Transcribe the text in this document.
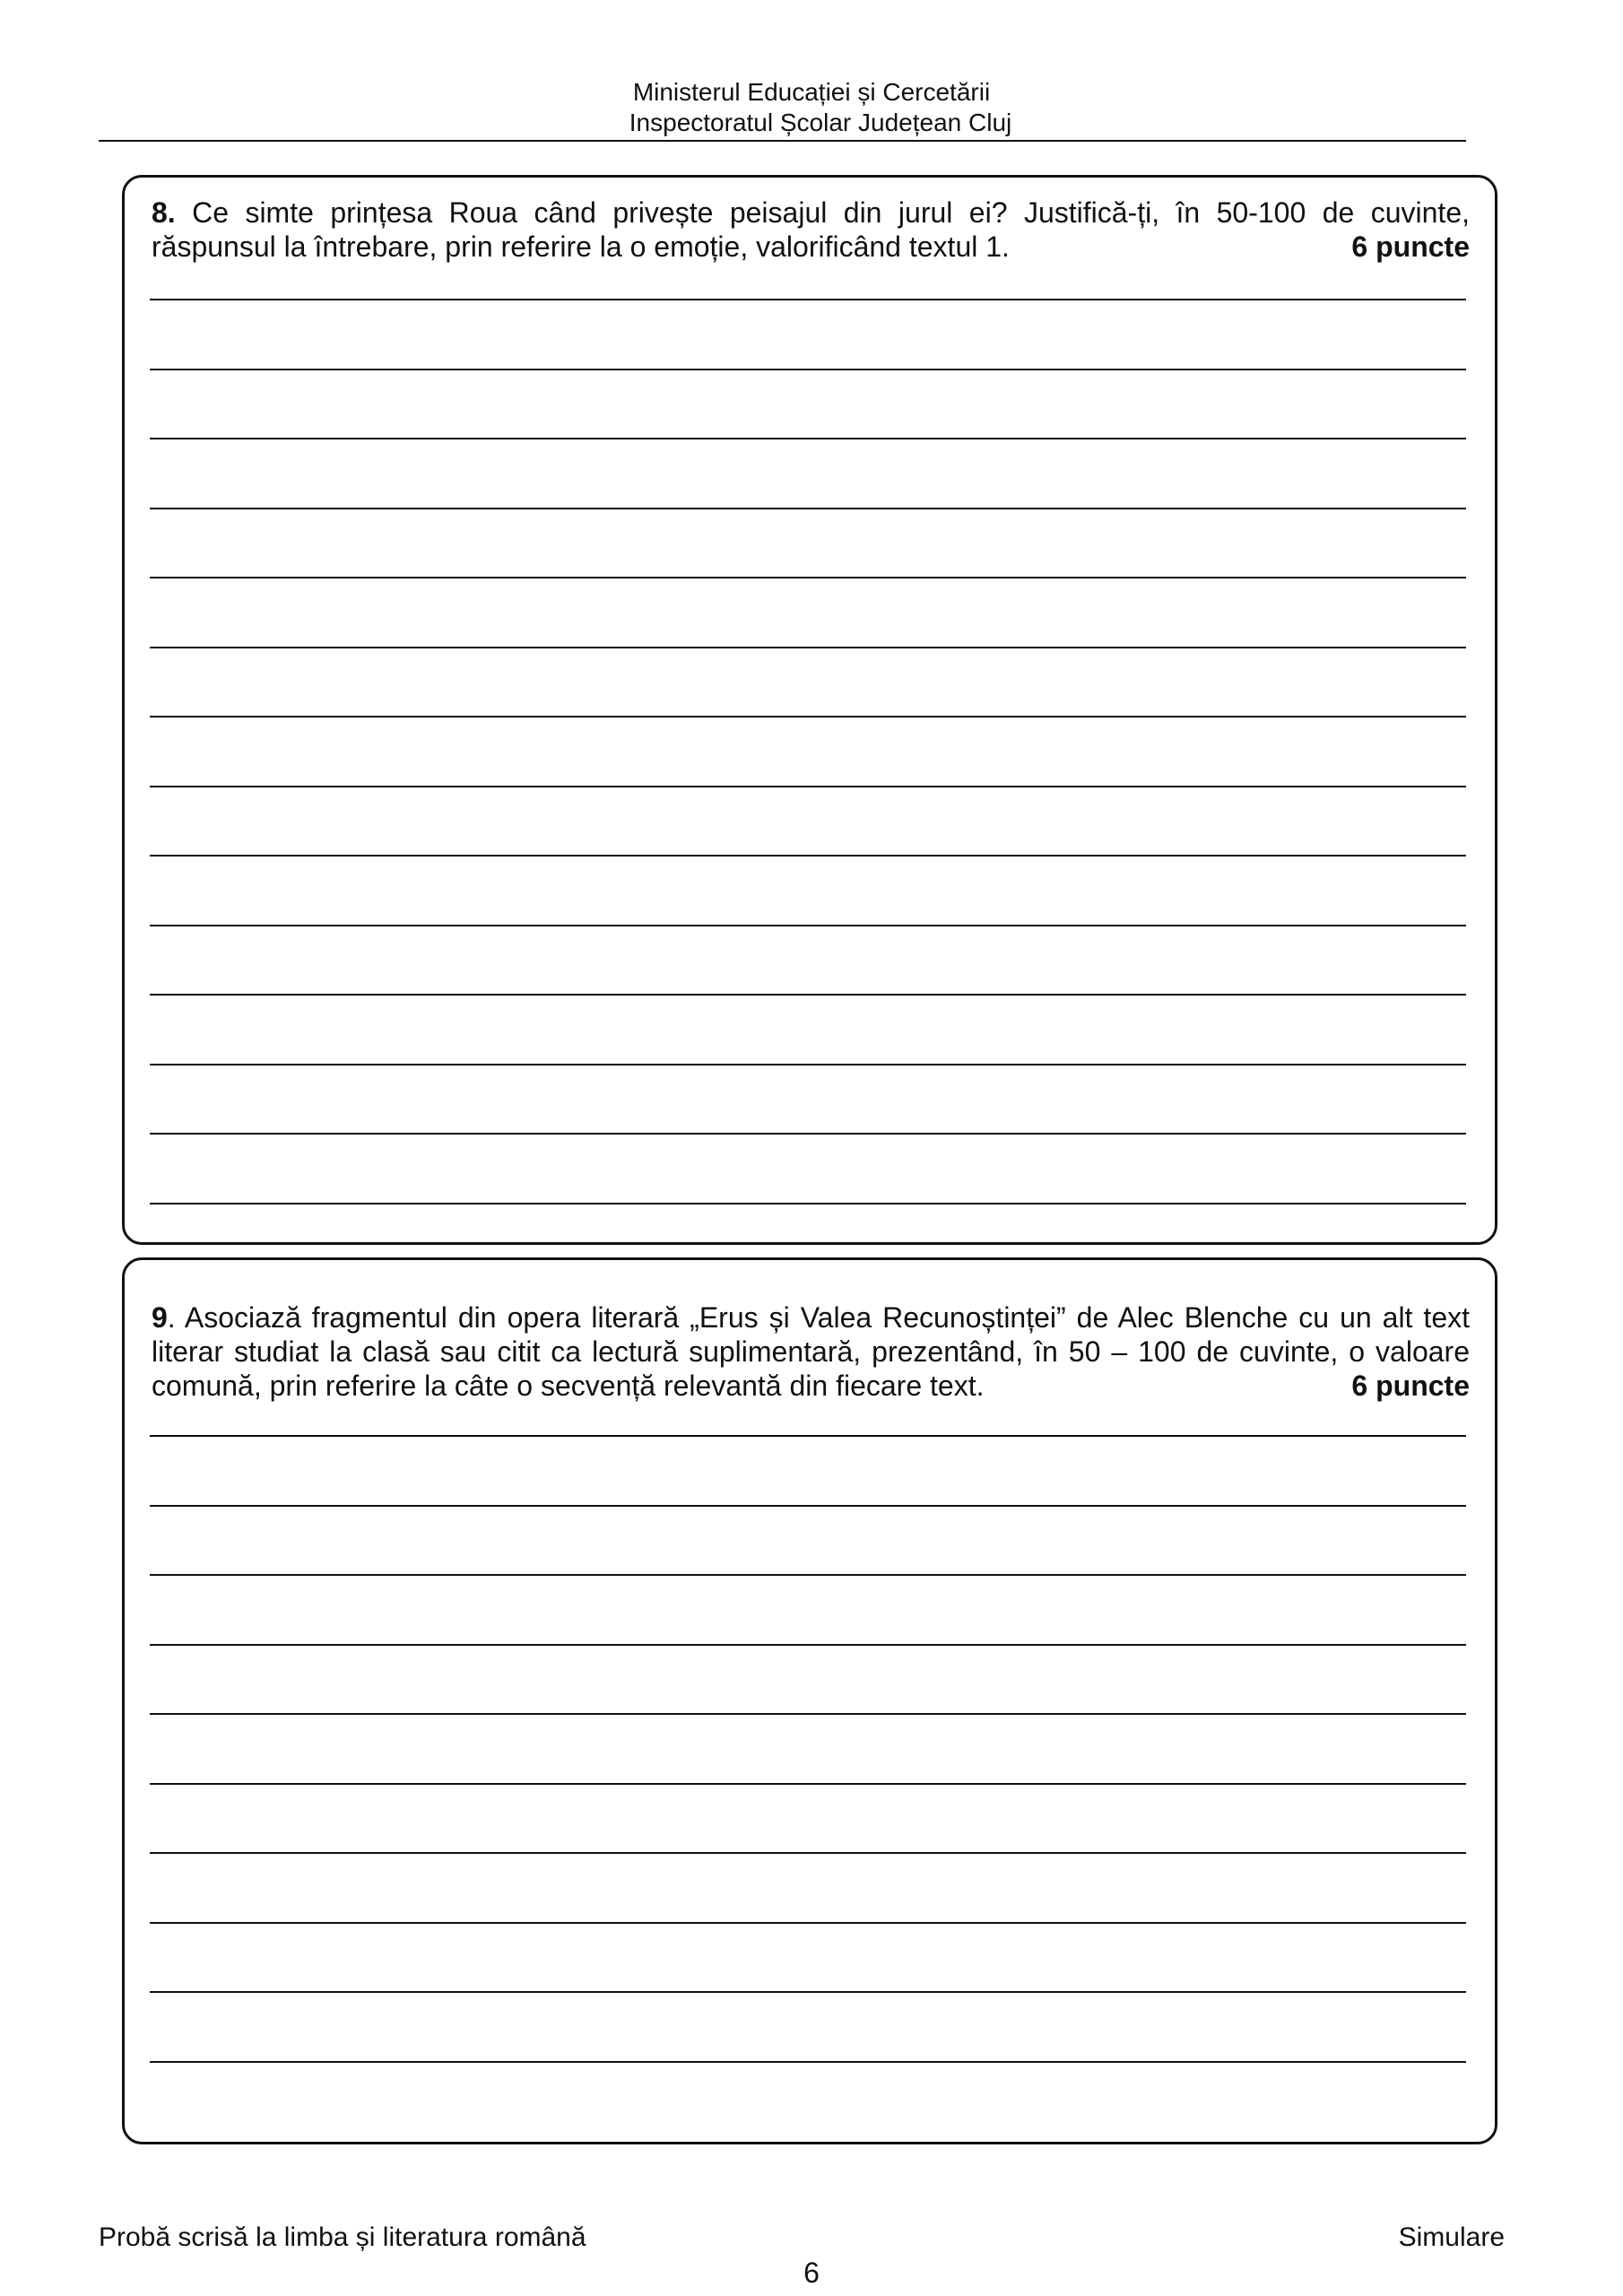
Ministerul Educației și Cercetării
Inspectoratul Școlar Județean Cluj
8. Ce simte prințesa Roua când privește peisajul din jurul ei? Justifică-ți, în 50-100 de cuvinte, răspunsul la întrebare, prin referire la o emoție, valorificând textul 1.	6 puncte
9. Asociază fragmentul din opera literară „Erus și Valea Recunoștinței” de Alec Blenche cu un alt text literar studiat la clasă sau citit ca lectură suplimentară, prezentând, în 50 – 100 de cuvinte, o valoare comună, prin referire la câte o secvență relevantă din fiecare text.	6 puncte
Probă scrisă la limba și literatura română	Simulare
6
